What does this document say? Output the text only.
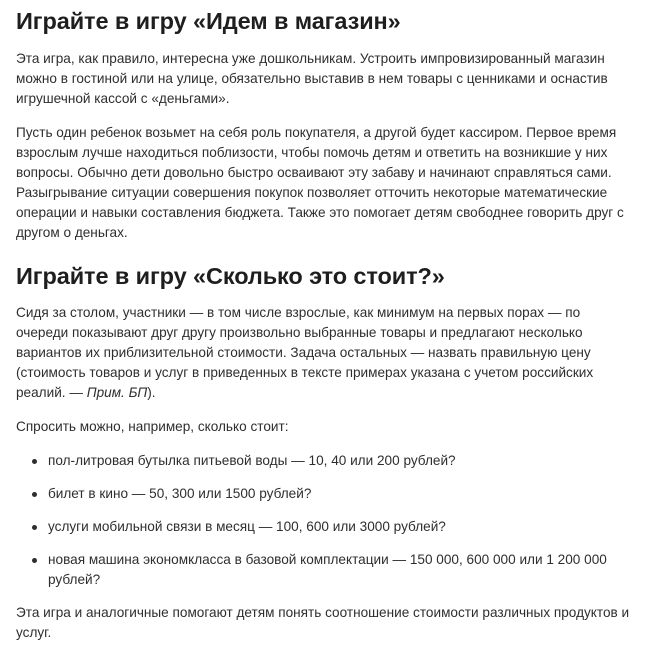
Играйте в игру «Идем в магазин»

Эта игра, как правило, интересна уже дошкольникам. Устроить импровизированный магазин можно в гостиной или на улице, обязательно выставив в нем товары с ценниками и оснастив игрушечной кассой с «деньгами».

Пусть один ребенок возьмет на себя роль покупателя, а другой будет кассиром. Первое время взрослым лучше находиться поблизости, чтобы помочь детям и ответить на возникшие у них вопросы. Обычно дети довольно быстро осваивают эту забаву и начинают справляться сами. Разыгрывание ситуации совершения покупок позволяет отточить некоторые математические операции и навыки составления бюджета. Также это помогает детям свободнее говорить друг с другом о деньгах.

Играйте в игру «Сколько это стоит?»

Сидя за столом, участники — в том числе взрослые, как минимум на первых порах — по очереди показывают друг другу произвольно выбранные товары и предлагают несколько вариантов их приблизительной стоимости. Задача остальных — назвать правильную цену (стоимость товаров и услуг в приведенных в тексте примерах указана с учетом российских реалий. — Прим. БП).

Спросить можно, например, сколько стоит:

пол-литровая бутылка питьевой воды — 10, 40 или 200 рублей?
билет в кино — 50, 300 или 1500 рублей?
услуги мобильной связи в месяц — 100, 600 или 3000 рублей?
новая машина экономкласса в базовой комплектации — 150 000, 600 000 или 1 200 000 рублей?

Эта игра и аналогичные помогают детям понять соотношение стоимости различных продуктов и услуг.
